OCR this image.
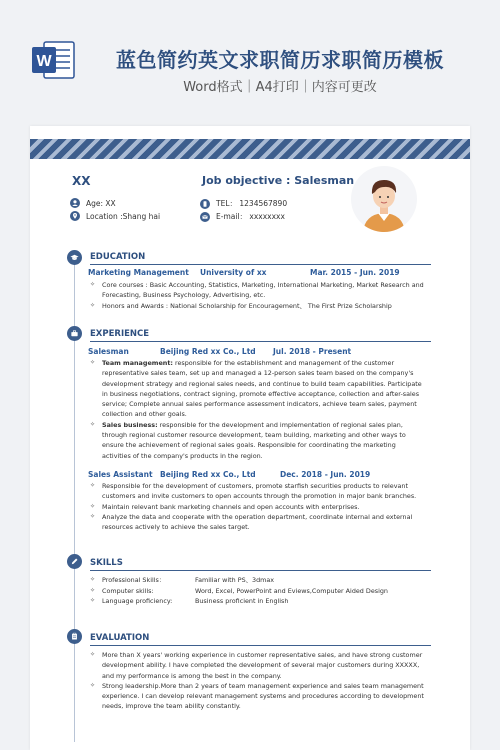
W	蓝色简约英文求职简历求职简历模板
Word格式｜A4打印｜内容可更改
XX	Job objective : Salesman
Age: XX
Location :Shang hai
TEL： 1234567890
E-mail： xxxxxxxx
EDUCATION
Marketing Management University of xx	Mar. 2015 - Jun. 2019
✧ Core courses : Basic Accounting, Statistics, Marketing, International Marketing, Market Research and Forecasting, Business Psychology, Advertising, etc.
✧ Honors and Awards : National Scholarship for Encouragement、 The First Prize Scholarship
EXPERIENCE
Salesman	Beijing Red xx Co., Ltd Jul. 2018 - Present
✧ Team management: responsible for the establishment and management of the customer representative sales team, set up and managed a 12-person sales team based on the company's development strategy and regional sales needs, and continue to build team capabilities. Participate in business negotiations, contract signing, promote effective acceptance, collection and after-sales service; Complete annual sales performance assessment indicators, achieve team sales, payment collection and other goals.
✧ Sales business: responsible for the development and implementation of regional sales plan, through regional customer resource development, team building, marketing and other ways to ensure the achievement of regional sales goals. Responsible for coordinating the marketing activities of the company's products in the region.
Sales Assistant Beijing Red xx Co., Ltd	Dec. 2018 - Jun. 2019
✧ Responsible for the development of customers, promote starfish securities products to relevant customers and invite customers to open accounts through the promotion in major bank branches.
✧ Maintain relevant bank marketing channels and open accounts with enterprises.
✧ Analyze the data and cooperate with the operation department, coordinate internal and external resources actively to achieve the sales target.
SKILLS
✧ Professional Skills：	Familiar with PS、3dmax
✧ Computer skills:	Word, Excel, PowerPoint and Eviews,Computer Aided Design
✧ Language proficiency:	Business proficient in English
EVALUATION
✧ More than X years' working experience in customer representative sales, and have strong customer development ability. I have completed the development of several major customers during XXXXX, and my performance is among the best in the company.
✧ Strong leadership.More than 2 years of team management experience and sales team management experience. I can develop relevant management systems and procedures according to development needs, improve the team ability constantly.
